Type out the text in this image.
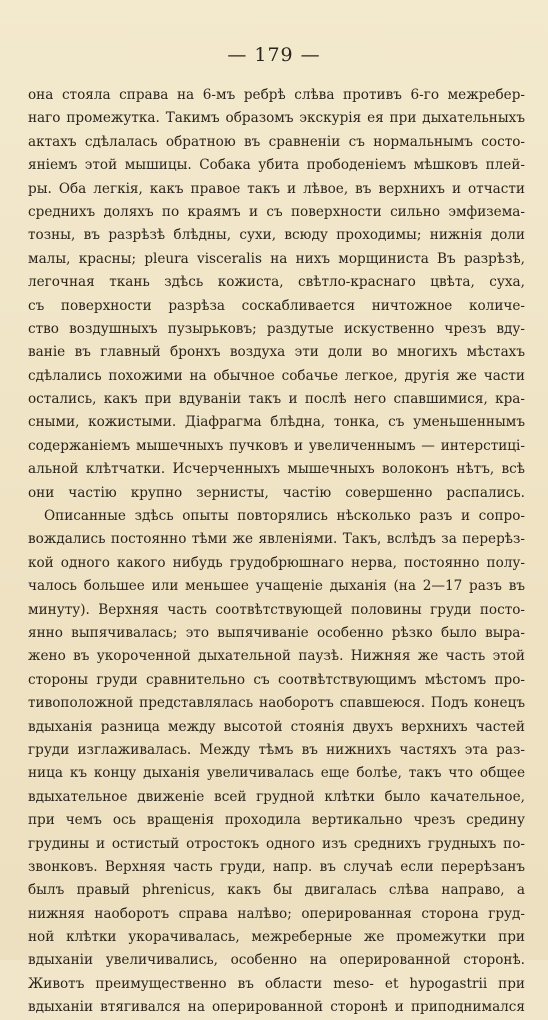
— 179 —
она стояла справа на 6-мъ ребрѣ слѣва противъ 6-го межребер-
наго промежутка. Такимъ образомъ экскурія ея при дыхательныхъ
актахъ сдѣлалась обратною въ сравненіи съ нормальнымъ состо-
яніемъ этой мышицы. Собака убита прободеніемъ мѣшковъ плей-
ры. Оба легкія, какъ правое такъ и лѣвое, въ верхнихъ и отчасти
среднихъ доляхъ по краямъ и съ поверхности сильно эмфизема-
тозны, въ разрѣзѣ блѣдны, сухи, всюду проходимы; нижнія доли
малы, красны; pleura visceralis на нихъ морщиниста Въ разрѣзѣ,
легочная ткань здѣсь кожиста, свѣтло-краснаго цвѣта, суха,
съ поверхности разрѣза соскабливается ничтожное количе-
ство воздушныхъ пузырьковъ; раздутые искуственно чрезъ вду-
ваніе въ главный бронхъ воздуха эти доли во многихъ мѣстахъ
сдѣлались похожими на обычное собачье легкое, другія же части
остались, какъ при вдуваніи такъ и послѣ него спавшимися, кра-
сными, кожистыми. Діафрагма блѣдна, тонка, съ уменьшеннымъ
содержаніемъ мышечныхъ пучковъ и увеличеннымъ — интерстиці-
альной клѣтчатки. Исчерченныхъ мышечныхъ волоконъ нѣтъ, всѣ
они частію крупно зернисты, частію совершенно распались.
Описанные здѣсь опыты повторялись нѣсколько разъ и сопро-
вождались постоянно тѣми же явленіями. Такъ, вслѣдъ за перерѣз-
кой одного какого нибудь грудобрюшнаго нерва, постоянно полу-
чалось большее или меньшее учащеніе дыханія (на 2—17 разъ въ
минуту). Верхняя часть соотвѣтствующей половины груди посто-
янно выпячивалась; это выпячиваніе особенно рѣзко было выра-
жено въ укороченной дыхательной паузѣ. Нижняя же часть этой
стороны груди сравнительно съ соотвѣтствующимъ мѣстомъ про-
тивоположной представлялась наоборотъ спавшеюся. Подъ конецъ
вдыханія разница между высотой стоянія двухъ верхнихъ частей
груди изглаживалась. Между тѣмъ въ нижнихъ частяхъ эта раз-
ница къ концу дыханія увеличивалась еще болѣе, такъ что общее
вдыхательное движеніе всей грудной клѣтки было качательное,
при чемъ ось вращенія проходила вертикально чрезъ средину
грудины и остистый отростокъ одного изъ среднихъ грудныхъ по-
звонковъ. Верхняя часть груди, напр. въ случаѣ если перерѣзанъ
былъ правый phrenicus, какъ бы двигалась слѣва направо, а
нижняя наоборотъ справа налѣво; оперированная сторона груд-
ной клѣтки укорачивалась, межреберные же промежутки при
вдыханіи увеличивались, особенно на оперированной сторонѣ.
Животъ преимущественно въ области meso- et hypogastrii при
вдыханіи втягивался на оперированной сторонѣ и приподнимался
